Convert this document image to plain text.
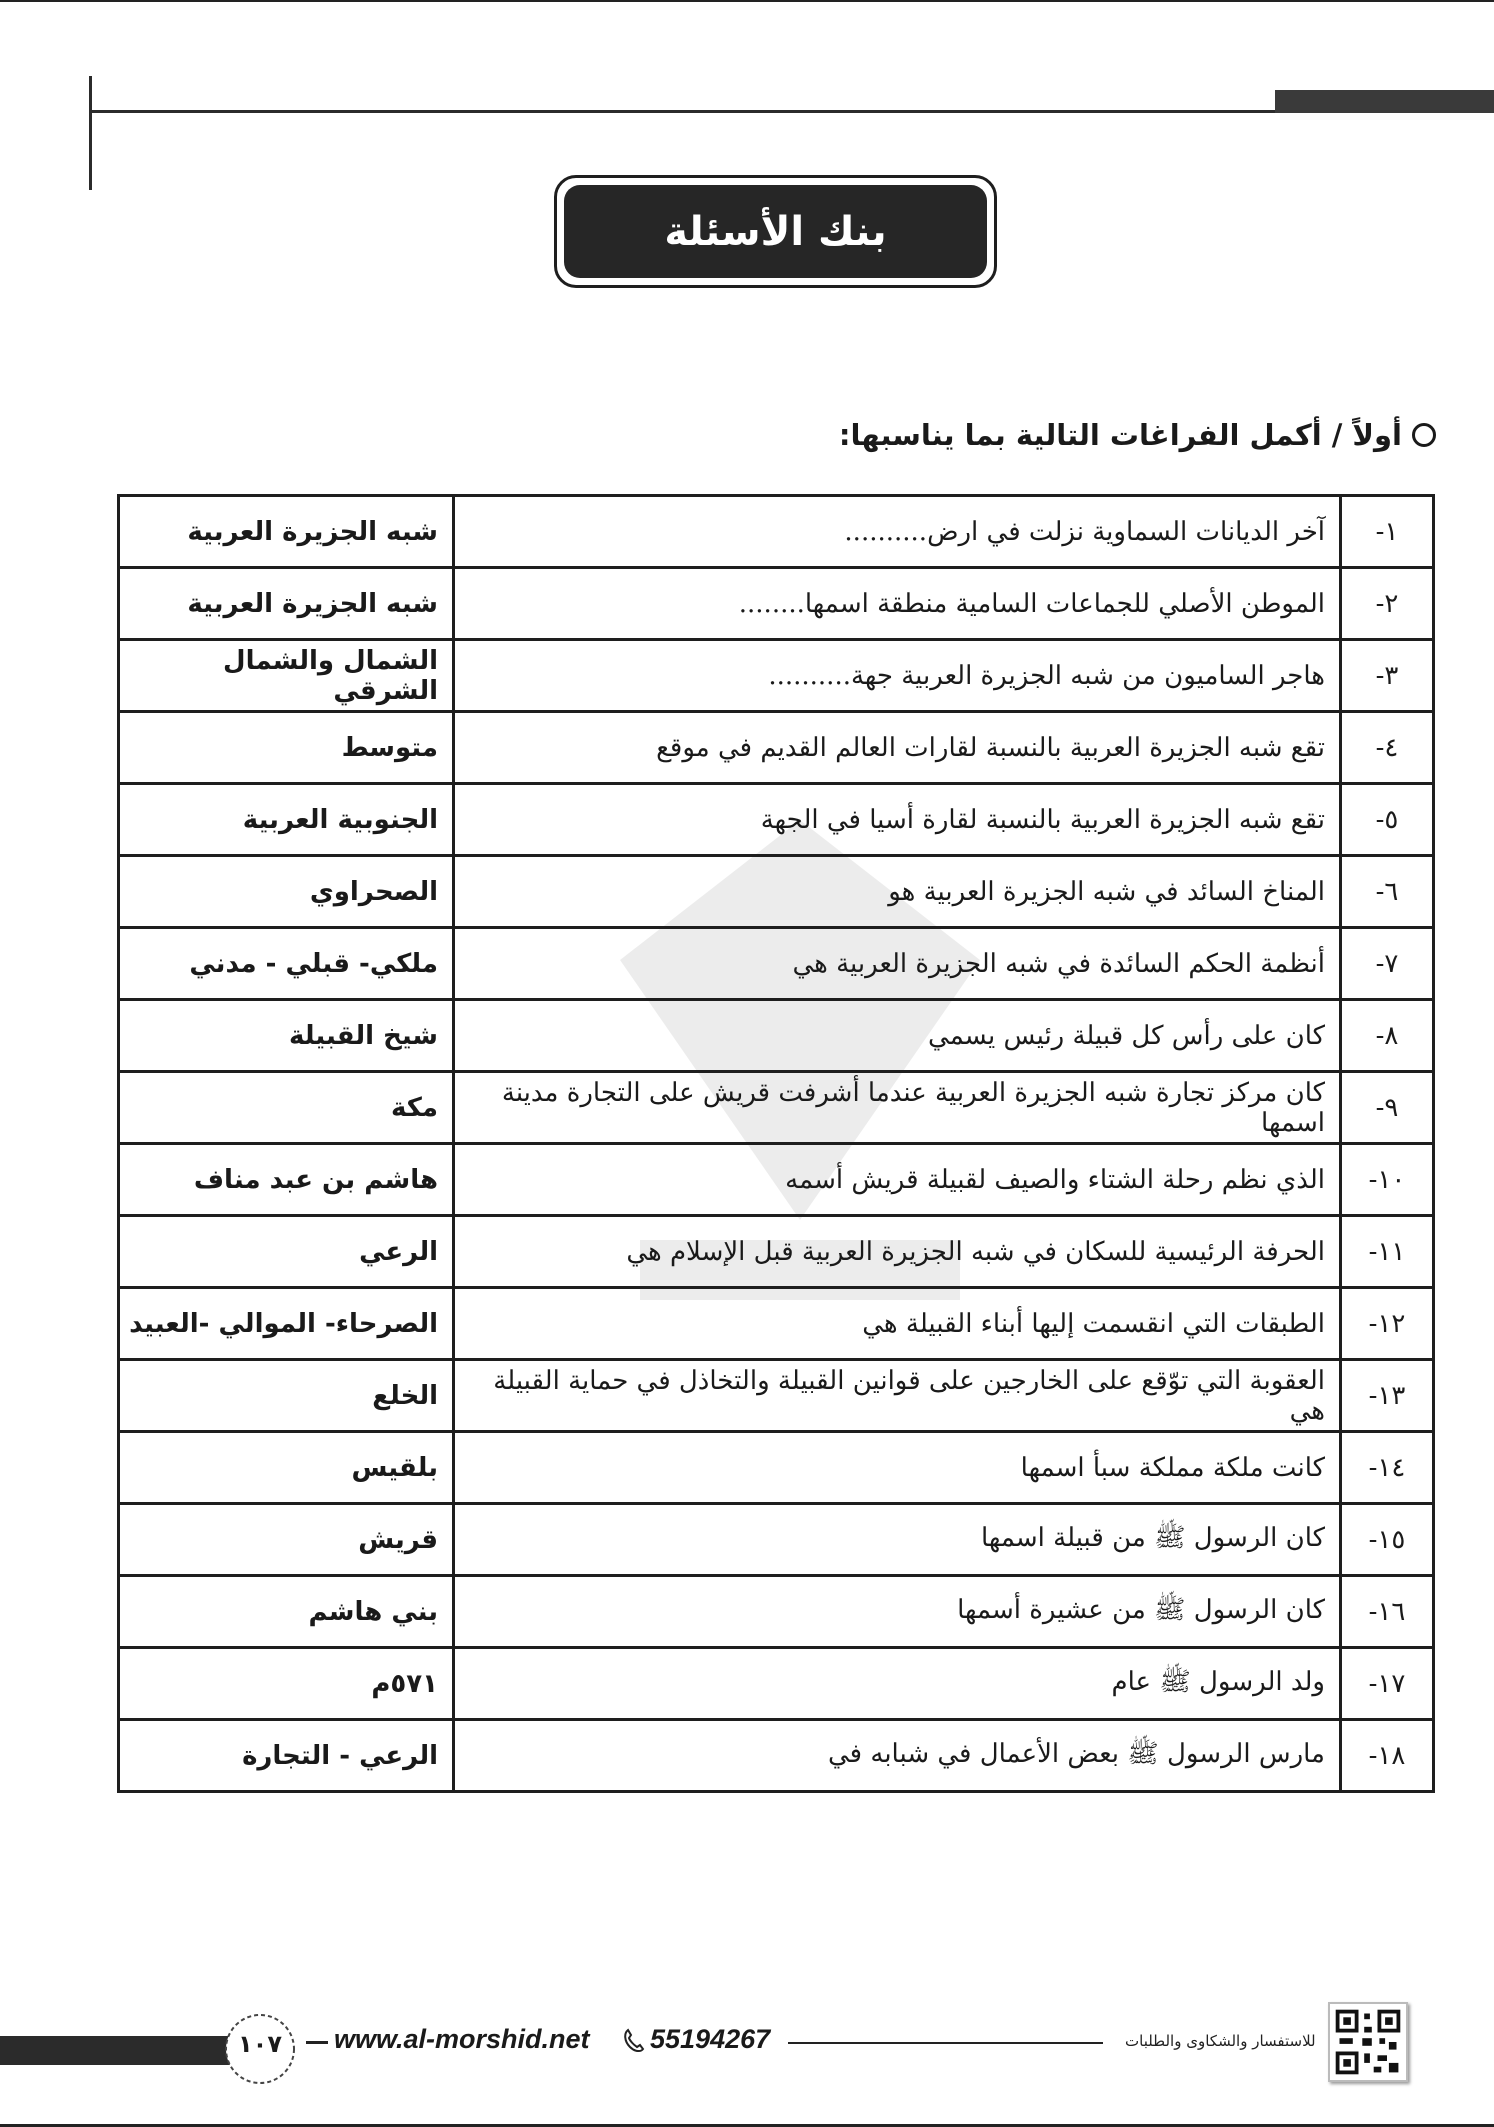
بنك الأسئلة
أولاً / أكمل الفراغات التالية بما يناسبها:
١-	آخر الديانات السماوية نزلت في ارض..........	شبه الجزيرة العربية
٢-	الموطن الأصلي للجماعات السامية منطقة اسمها........	شبه الجزيرة العربية
٣-	هاجر الساميون من شبه الجزيرة العربية جهة..........	الشمال والشمال الشرقي
٤-	تقع شبه الجزيرة العربية بالنسبة لقارات العالم القديم في موقع	متوسط
٥-	تقع شبه الجزيرة العربية بالنسبة لقارة أسيا في الجهة	الجنوبية العربية
٦-	المناخ السائد في شبه الجزيرة العربية هو	الصحراوي
٧-	أنظمة الحكم السائدة في شبه الجزيرة العربية هي	ملكي- قبلي - مدني
٨-	كان على رأس كل قبيلة رئيس يسمي	شيخ القبيلة
٩-	كان مركز تجارة شبه الجزيرة العربية عندما أشرفت قريش على التجارة مدينة اسمها	مكة
١٠-	الذي نظم رحلة الشتاء والصيف لقبيلة قريش أسمه	هاشم بن عبد مناف
١١-	الحرفة الرئيسية للسكان في شبه الجزيرة العربية قبل الإسلام هي	الرعي
١٢-	الطبقات التي انقسمت إليها أبناء القبيلة هي	الصرحاء- الموالي -العبيد
١٣-	العقوبة التي توّقع على الخارجين على قوانين القبيلة والتخاذل في حماية القبيلة هي	الخلع
١٤-	كانت ملكة مملكة سبأ اسمها	بلقيس
١٥-	كان الرسول ﷺ من قبيلة اسمها	قريش
١٦-	كان الرسول ﷺ من عشيرة أسمها	بني هاشم
١٧-	ولد الرسول ﷺ عام	٥٧١م
١٨-	مارس الرسول ﷺ بعض الأعمال في شبابه في	الرعي - التجارة
١٠٧	www.al-morshid.net 55194267	للاستفسار والشكاوى والطلبات
